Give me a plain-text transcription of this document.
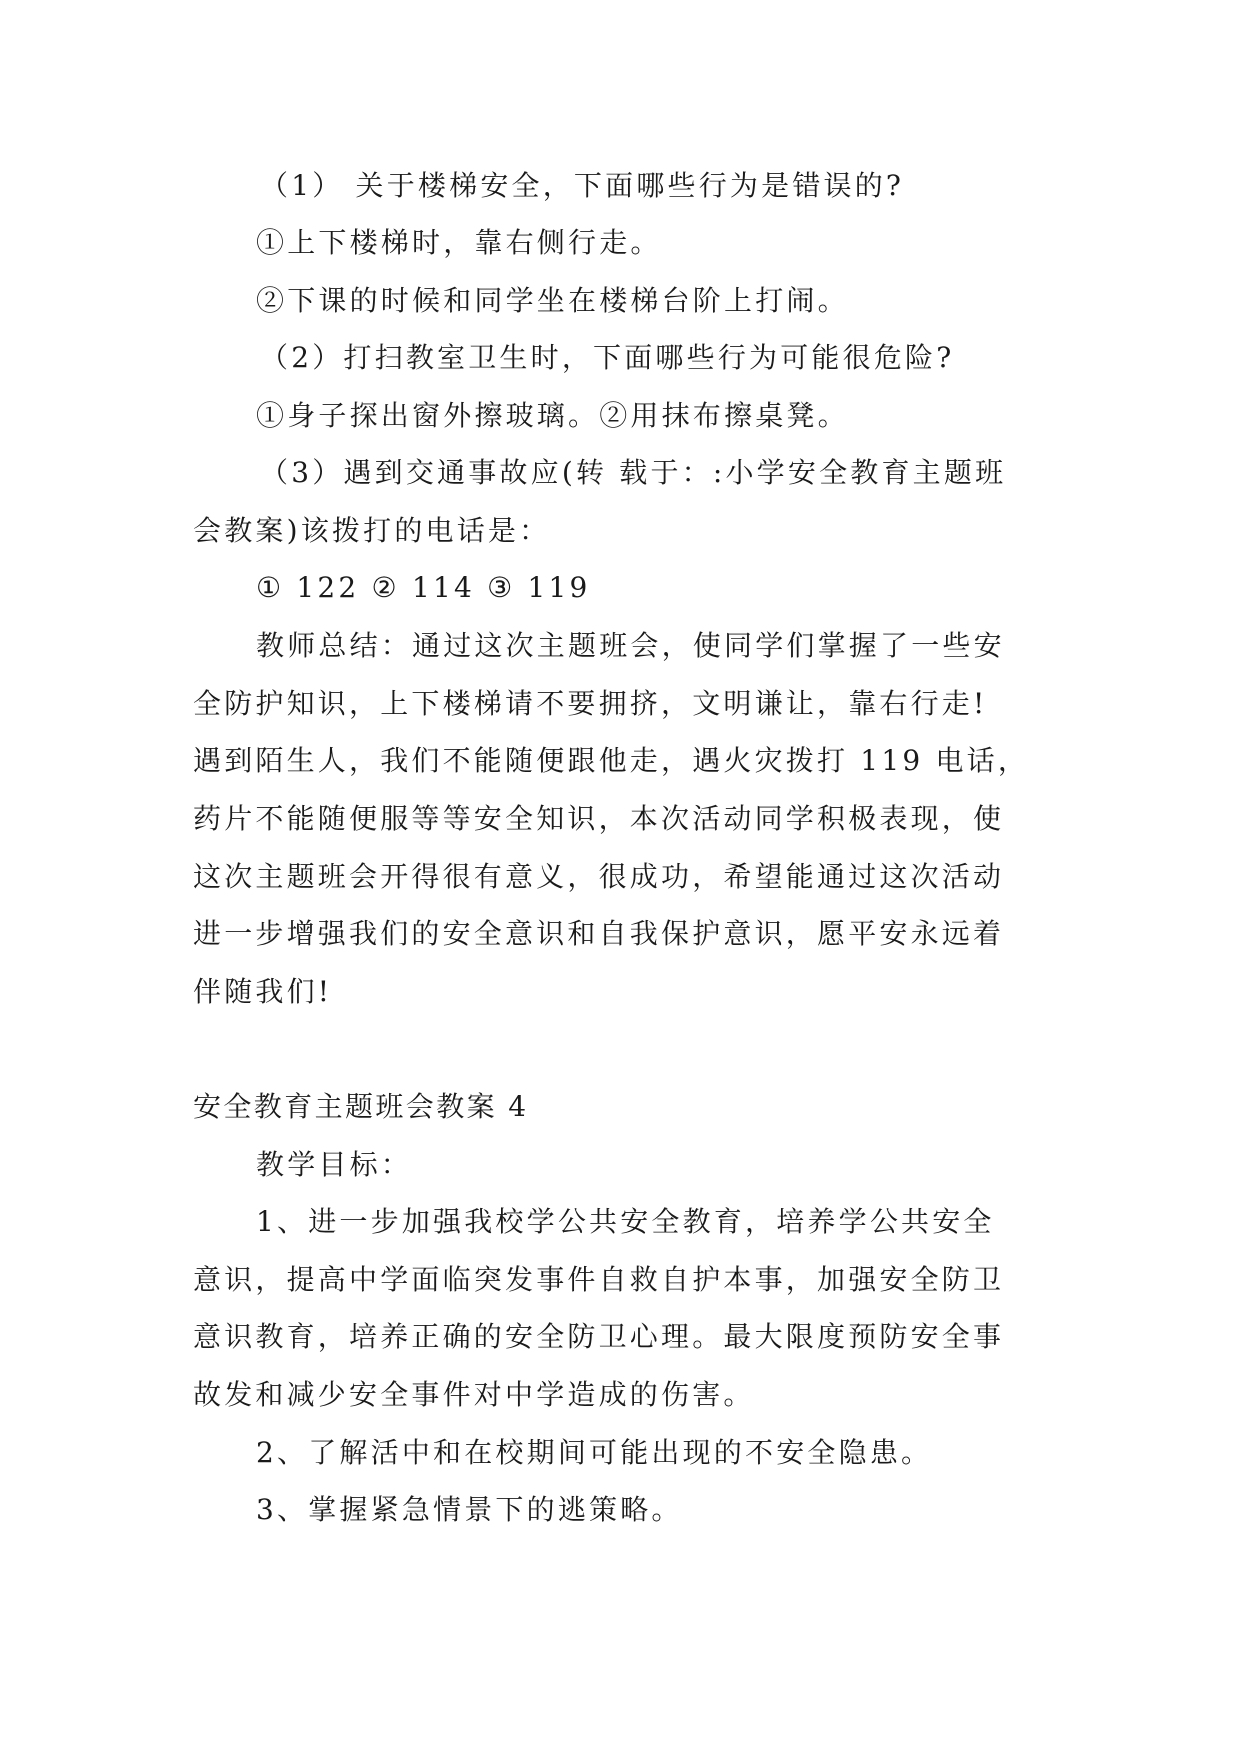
（1） 关于楼梯安全，下面哪些行为是错误的?
①上下楼梯时，靠右侧行走。
②下课的时候和同学坐在楼梯台阶上打闹。
（2）打扫教室卫生时，下面哪些行为可能很危险?
①身子探出窗外擦玻璃。②用抹布擦桌凳。
（3）遇到交通事故应(转 载于：:小学安全教育主题班
会教案)该拨打的电话是：
① 122 ② 114 ③ 119
教师总结：通过这次主题班会，使同学们掌握了一些安
全防护知识，上下楼梯请不要拥挤，文明谦让，靠右行走!
遇到陌生人，我们不能随便跟他走，遇火灾拨打 119 电话，
药片不能随便服等等安全知识，本次活动同学积极表现，使
这次主题班会开得很有意义，很成功，希望能通过这次活动
进一步增强我们的安全意识和自我保护意识，愿平安永远着
伴随我们!
安全教育主题班会教案 4
教学目标：
1、进一步加强我校学公共安全教育，培养学公共安全
意识，提高中学面临突发事件自救自护本事，加强安全防卫
意识教育，培养正确的安全防卫心理。最大限度预防安全事
故发和减少安全事件对中学造成的伤害。
2、了解活中和在校期间可能出现的不安全隐患。
3、掌握紧急情景下的逃策略。
